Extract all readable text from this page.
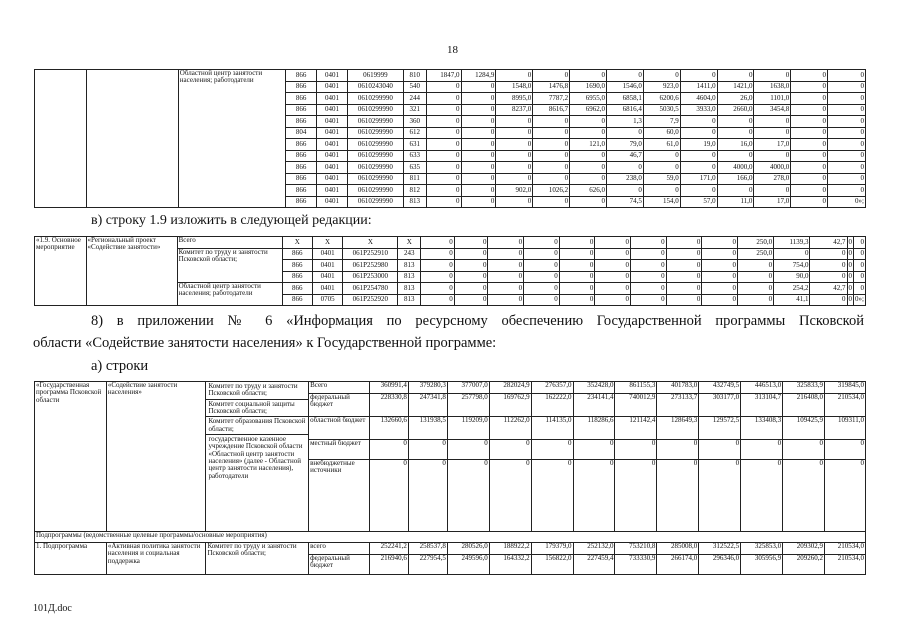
18
		Областной центр занятости населения; работодатели	866	0401	0619999	810	1847,0	1284,9	0	0	0	0	0	0	0	0	0	0
			866	0401	0610243040	540	0	0	1548,0	1476,8	1690,0	1546,0	923,0	1411,0	1421,0	1638,0	0	0
			866	0401	0610299990	244	0	0	8995,0	7787,2	6955,0	6858,1	6200,6	4604,0	26,0	1101,0	0	0
			866	0401	0610299990	321	0	0	8237,0	8616,7	6962,0	6816,4	5030,5	3933,0	2660,0	3454,8	0	0
			866	0401	0610299990	360	0	0	0	0	0	1,3	7,9	0	0	0	0	0
			804	0401	0610299990	612	0	0	0	0	0	0	60,0	0	0	0	0	0
			866	0401	0610299990	631	0	0	0	0	121,0	79,0	61,0	19,0	16,0	17,0	0	0
			866	0401	0610299990	633	0	0	0	0	0	46,7	0	0	0	0	0	0
			866	0401	0610299990	635	0	0	0	0	0	0	0	0	4000,0	4000,0	0	0
			866	0401	0610299990	811	0	0	0	0	0	238,0	59,0	171,0	166,0	278,0	0	0
			866	0401	0610299990	812	0	0	902,0	1026,2	626,0	0	0	0	0	0	0	0
			866	0401	0610299990	813	0	0	0	0	0	74,5	154,0	57,0	11,0	17,0	0	0»;
в) строку 1.9 изложить в следующей редакции:
«1.9. Основное мероприятие	«Региональный проект «Содействие занятости»	Всего	X	X	X	X	0	0	0	0	0	0	0	0	0	250,0	1139,3	42,7	0	0
		Комитет по труду и занятости Псковской области;	866	0401	061P252910	243	0	0	0	0	0	0	0	0	0	250,0	0	0	0	0
			866	0401	061P252980	813	0	0	0	0	0	0	0	0	0	0	754,0	0	0	0
			866	0401	061P253000	813	0	0	0	0	0	0	0	0	0	0	90,0	0	0	0
		Областной центр занятости населения; работодатели	866	0401	061P254780	813	0	0	0	0	0	0	0	0	0	0	254,2	42,7	0	0
			866	0705	061P252920	813	0	0	0	0	0	0	0	0	0	0	41,1	0	0	0»;
8) в приложении № 6 «Информация по ресурсному обеспечению Государственной программы Псковской
области «Содействие занятости населения» к Государственной программе:
а) строки
«Государственная программа Псковской области	«Содействие занятости населения»	Комитет по труду и занятости Псковской области;
Комитет социальной защиты Псковской области;
Комитет образования Псковской области;
государственное казенное учреждение Псковской области «Областной центр занятости населения» (далее - Областной центр занятости населения), работодатели	Всего	360991,4	379280,3	377007,0	282024,9	276357,0	352428,0	861155,3	401783,0	432749,5	446513,0	325833,9	319845,0
			федеральный бюджет	228330,8	247341,8	257798,0	169762,9	162222,0	234141,4	740012,9	273133,7	303177,0	313104,7	216408,0	210534,0
			областной бюджет	132660,6	131938,5	119209,0	112262,0	114135,0	118286,6	121142,4	128649,3	129572,5	133408,3	109425,9	109311,0
			местный бюджет	0	0	0	0	0	0	0	0	0	0	0	0
			внебюджетные источники	0	0	0	0	0	0	0	0	0	0	0	0
Подпрограммы (ведомственные целевые программы/основные мероприятия)															
1. Подпрограмма	«Активная политика занятости населения и социальная поддержка	Комитет по труду и занятости Псковской области;	всего	252241,2	258537,8	280526,0	188922,2	179379,0	252132,0	753210,8	285008,0	312522,5	325853,0	209302,9	210534,0
			федеральный бюджет	216940,6	227954,5	249596,0	164332,2	156822,0	227459,4	733330,9	266174,0	296346,0	305956,9	209260,2	210534,0
101Д.doc
